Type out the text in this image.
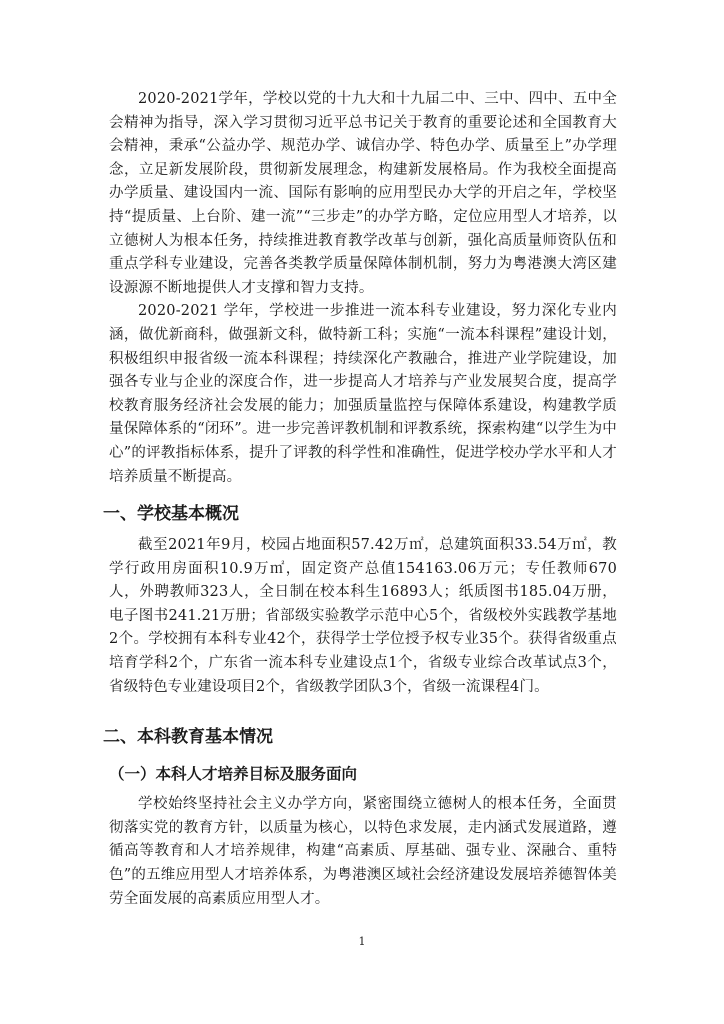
2020-2021学年，学校以党的十九大和十九届二中、三中、四中、五中全会精神为指导，深入学习贯彻习近平总书记关于教育的重要论述和全国教育大会精神，秉承“公益办学、规范办学、诚信办学、特色办学、质量至上”办学理念，立足新发展阶段，贯彻新发展理念，构建新发展格局。作为我校全面提高办学质量、建设国内一流、国际有影响的应用型民办大学的开启之年，学校坚持“提质量、上台阶、建一流”“三步走”的办学方略，定位应用型人才培养，以立德树人为根本任务，持续推进教育教学改革与创新，强化高质量师资队伍和重点学科专业建设，完善各类教学质量保障体制机制，努力为粤港澳大湾区建设源源不断地提供人才支撑和智力支持。

2020-2021 学年，学校进一步推进一流本科专业建设，努力深化专业内涵，做优新商科，做强新文科，做特新工科；实施“一流本科课程”建设计划，积极组织申报省级一流本科课程；持续深化产教融合，推进产业学院建设，加强各专业与企业的深度合作，进一步提高人才培养与产业发展契合度，提高学校教育服务经济社会发展的能力；加强质量监控与保障体系建设，构建教学质量保障体系的“闭环”。进一步完善评教机制和评教系统，探索构建“以学生为中心”的评教指标体系，提升了评教的科学性和准确性，促进学校办学水平和人才培养质量不断提高。

一、学校基本概况

截至2021年9月，校园占地面积57.42万㎡，总建筑面积33.54万㎡，教学行政用房面积10.9万㎡，固定资产总值154163.06万元；专任教师670人，外聘教师323人，全日制在校本科生16893人；纸质图书185.04万册，电子图书241.21万册；省部级实验教学示范中心5个，省级校外实践教学基地2个。学校拥有本科专业42个，获得学士学位授予权专业35个。获得省级重点培育学科2个，广东省一流本科专业建设点1个，省级专业综合改革试点3个，省级特色专业建设项目2个，省级教学团队3个，省级一流课程4门。

二、本科教育基本情况
（一）本科人才培养目标及服务面向

学校始终坚持社会主义办学方向，紧密围绕立德树人的根本任务，全面贯彻落实党的教育方针，以质量为核心，以特色求发展，走内涵式发展道路，遵循高等教育和人才培养规律，构建“高素质、厚基础、强专业、深融合、重特色”的五维应用型人才培养体系，为粤港澳区域社会经济建设发展培养德智体美劳全面发展的高素质应用型人才。

1
